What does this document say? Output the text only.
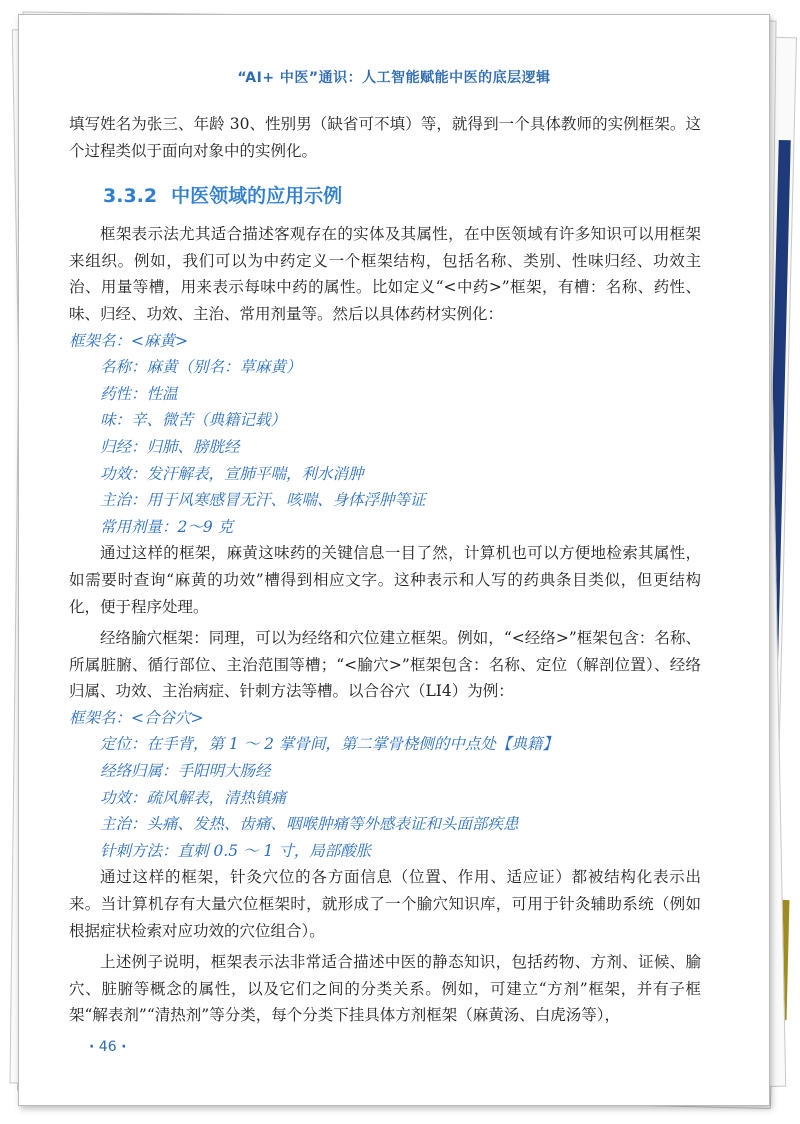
“AI+ 中医”通识：人工智能赋能中医的底层逻辑

填写姓名为张三、年龄 30、性别男（缺省可不填）等，就得到一个具体教师的实例框架。这个过程类似于面向对象中的实例化。

3.3.2 中医领域的应用示例

框架表示法尤其适合描述客观存在的实体及其属性，在中医领域有许多知识可以用框架来组织。例如，我们可以为中药定义一个框架结构，包括名称、类别、性味归经、功效主治、用量等槽，用来表示每味中药的属性。比如定义“<中药>”框架，有槽：名称、药性、味、归经、功效、主治、常用剂量等。然后以具体药材实例化：

框架名：<麻黄>
名称：麻黄（别名：草麻黄）
药性：性温
味：辛、微苦（典籍记载）
归经：归肺、膀胱经
功效：发汗解表，宣肺平喘，利水消肿
主治：用于风寒感冒无汗、咳喘、身体浮肿等证
常用剂量：2～9 克

通过这样的框架，麻黄这味药的关键信息一目了然，计算机也可以方便地检索其属性，如需要时查询“麻黄的功效”槽得到相应文字。这种表示和人写的药典条目类似，但更结构化，便于程序处理。

经络腧穴框架：同理，可以为经络和穴位建立框架。例如，“<经络>”框架包含：名称、所属脏腑、循行部位、主治范围等槽；“<腧穴>”框架包含：名称、定位（解剖位置）、经络归属、功效、主治病症、针刺方法等槽。以合谷穴（LI4）为例：

框架名：<合谷穴>
定位：在手背，第 1 ～ 2 掌骨间，第二掌骨桡侧的中点处【典籍】
经络归属：手阳明大肠经
功效：疏风解表，清热镇痛
主治：头痛、发热、齿痛、咽喉肿痛等外感表证和头面部疾患
针刺方法：直刺 0.5 ～ 1 寸，局部酸胀

通过这样的框架，针灸穴位的各方面信息（位置、作用、适应证）都被结构化表示出来。当计算机存有大量穴位框架时，就形成了一个腧穴知识库，可用于针灸辅助系统（例如根据症状检索对应功效的穴位组合）。

上述例子说明，框架表示法非常适合描述中医的静态知识，包括药物、方剂、证候、腧穴、脏腑等概念的属性，以及它们之间的分类关系。例如，可建立“方剂”框架，并有子框架“解表剂”“清热剂”等分类，每个分类下挂具体方剂框架（麻黄汤、白虎汤等），

· 46 ·
